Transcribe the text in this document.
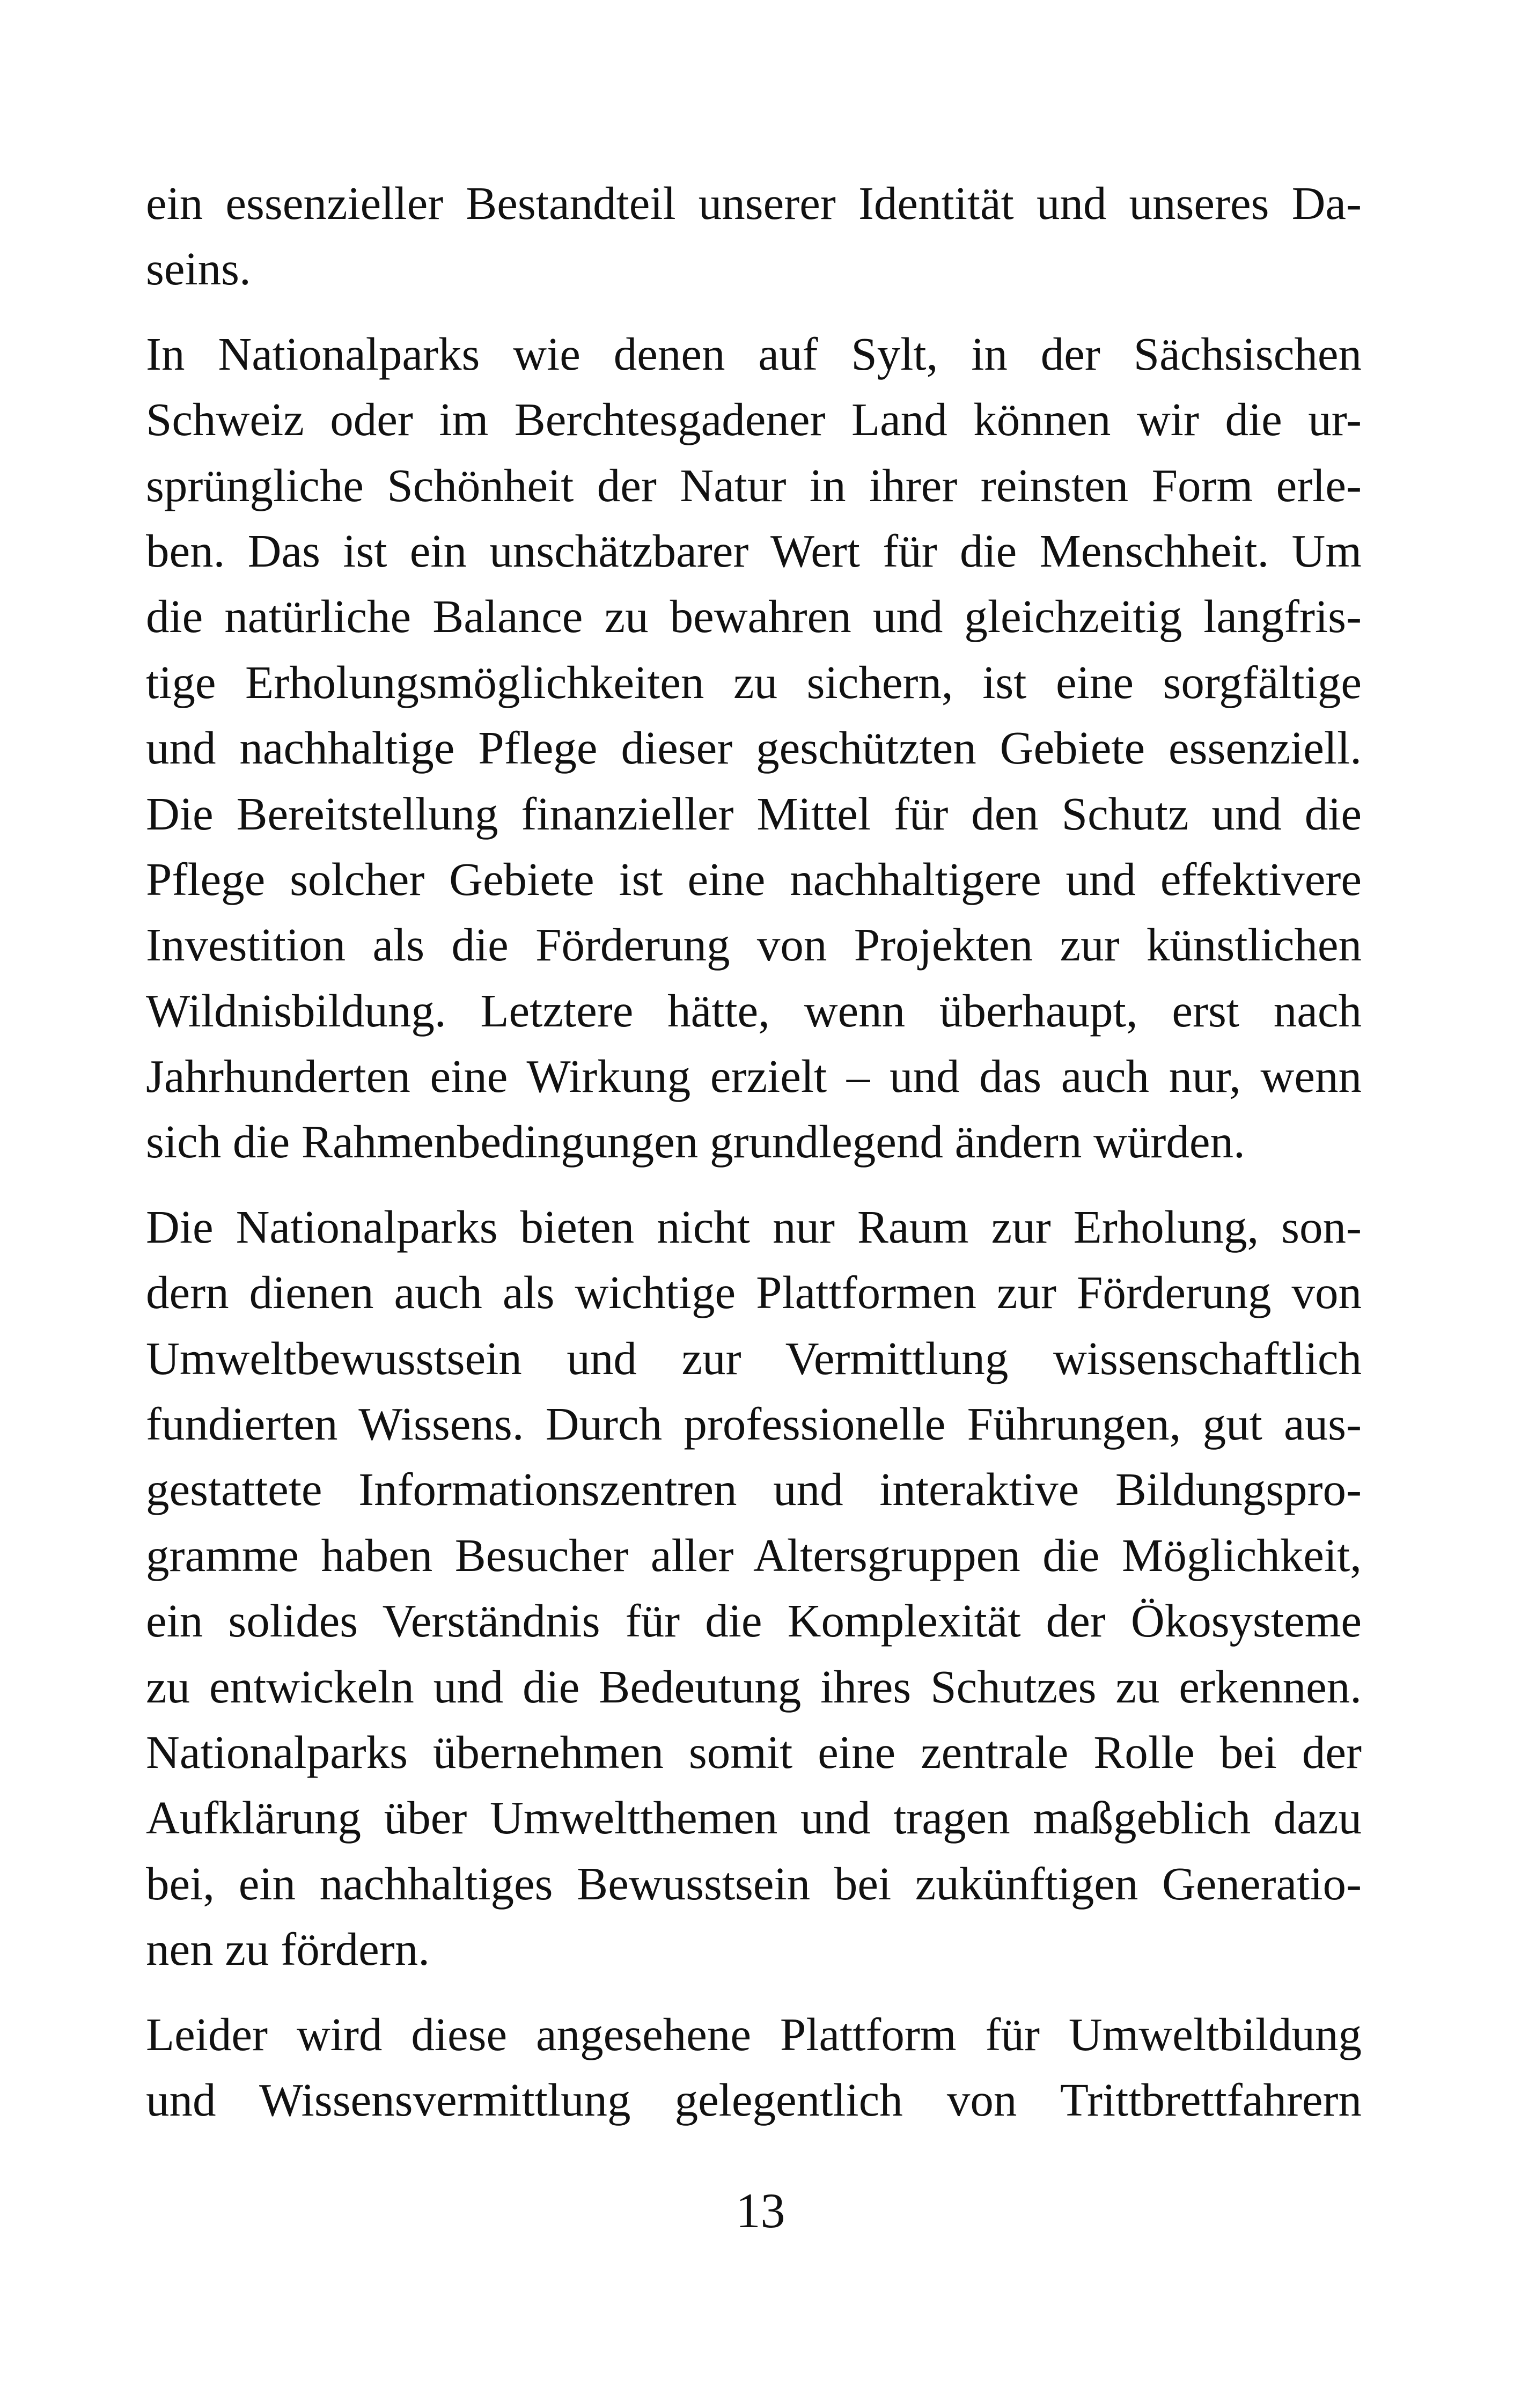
ein essenzieller Bestandteil unserer Identität und unseres Da-
seins.
In Nationalparks wie denen auf Sylt, in der Sächsischen
Schweiz oder im Berchtesgadener Land können wir die ur-
sprüngliche Schönheit der Natur in ihrer reinsten Form erle-
ben. Das ist ein unschätzbarer Wert für die Menschheit. Um
die natürliche Balance zu bewahren und gleichzeitig langfris-
tige Erholungsmöglichkeiten zu sichern, ist eine sorgfältige
und nachhaltige Pflege dieser geschützten Gebiete essenziell.
Die Bereitstellung finanzieller Mittel für den Schutz und die
Pflege solcher Gebiete ist eine nachhaltigere und effektivere
Investition als die Förderung von Projekten zur künstlichen
Wildnisbildung. Letztere hätte, wenn überhaupt, erst nach
Jahrhunderten eine Wirkung erzielt – und das auch nur, wenn
sich die Rahmenbedingungen grundlegend ändern würden.
Die Nationalparks bieten nicht nur Raum zur Erholung, son-
dern dienen auch als wichtige Plattformen zur Förderung von
Umweltbewusstsein und zur Vermittlung wissenschaftlich
fundierten Wissens. Durch professionelle Führungen, gut aus-
gestattete Informationszentren und interaktive Bildungspro-
gramme haben Besucher aller Altersgruppen die Möglichkeit,
ein solides Verständnis für die Komplexität der Ökosysteme
zu entwickeln und die Bedeutung ihres Schutzes zu erkennen.
Nationalparks übernehmen somit eine zentrale Rolle bei der
Aufklärung über Umweltthemen und tragen maßgeblich dazu
bei, ein nachhaltiges Bewusstsein bei zukünftigen Generatio-
nen zu fördern.
Leider wird diese angesehene Plattform für Umweltbildung
und Wissensvermittlung gelegentlich von Trittbrettfahrern
13
